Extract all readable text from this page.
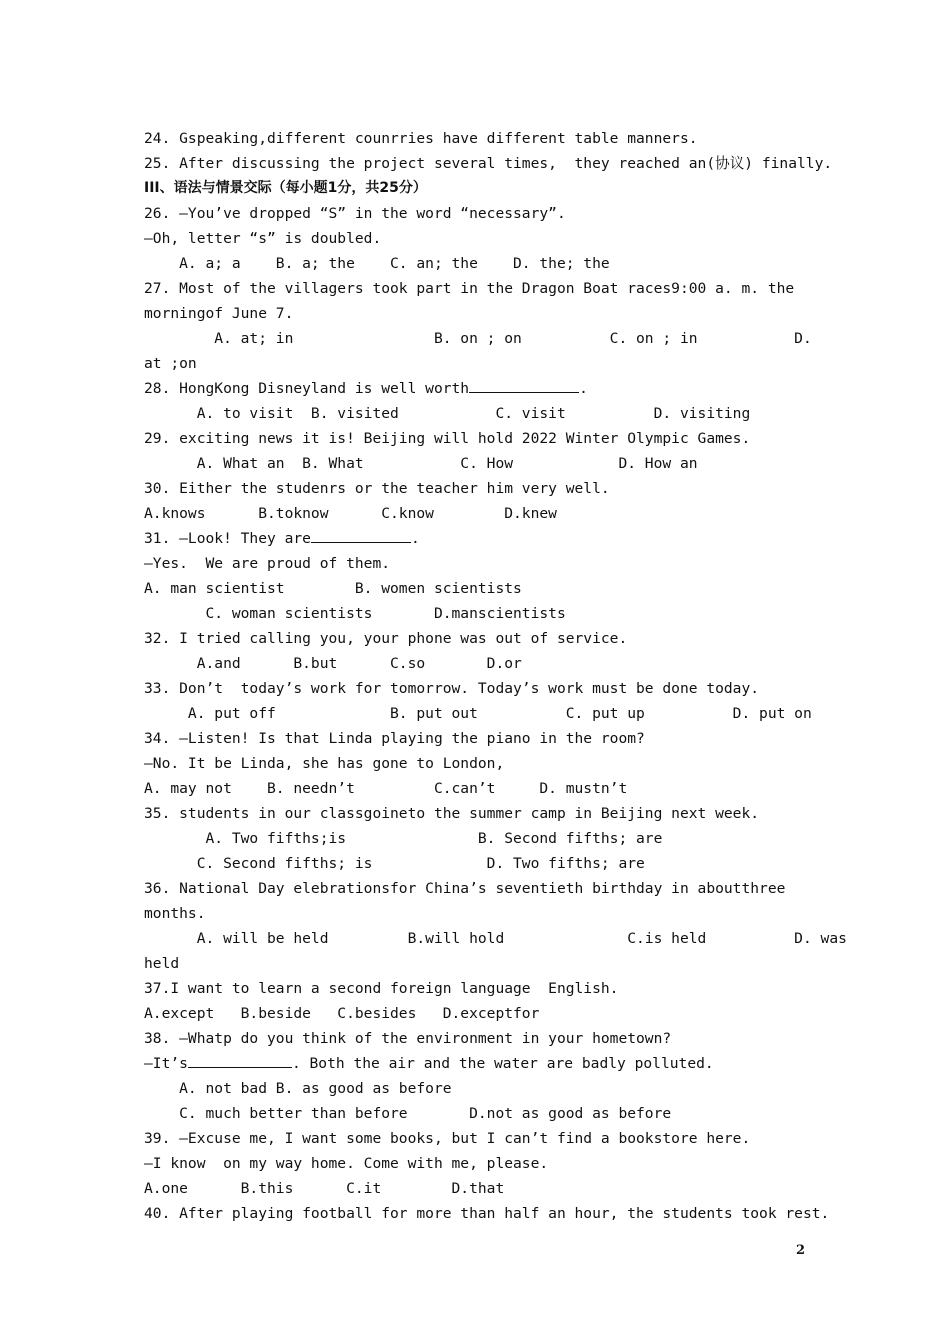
24. Gspeaking,different counrries have different table manners.
25. After discussing the project several times,  they reached an(协议) finally.
III、语法与情景交际（每小题1分，共25分）
26. —You’ve dropped “S” in the word “necessary”.
—Oh, letter “s” is doubled.
A. a; a    B. a; the    C. an; the    D. the; the
27. Most of the villagers took part in the Dragon Boat races9:00 a. m. the
morningof June 7.
A. at; in                B. on ; on          C. on ; in           D.
at ;on
28. HongKong Disneyland is well worth	.
A. to visit  B. visited           C. visit          D. visiting
29. exciting news it is! Beijing will hold 2022 Winter Olympic Games.
A. What an  B. What           C. How            D. How an
30. Either the studenrs or the teacher him very well.
A.knows      B.toknow      C.know        D.knew
31. —Look! They are	.
—Yes.  We are proud of them.
A. man scientist        B. women scientists
C. woman scientists       D.manscientists
32. I tried calling you, your phone was out of service.
A.and      B.but      C.so       D.or
33. Don’t  today’s work for tomorrow. Today’s work must be done today.
A. put off             B. put out          C. put up          D. put on
34. —Listen! Is that Linda playing the piano in the room?
—No. It be Linda, she has gone to London,
A. may not    B. needn’t         C.can’t     D. mustn’t
35. students in our classgoineto the summer camp in Beijing next week.
A. Two fifths;is               B. Second fifths; are
C. Second fifths; is             D. Two fifths; are
36. National Day elebrationsfor China’s seventieth birthday in aboutthree
months.
A. will be held         B.will hold              C.is held          D. was
held
37.I want to learn a second foreign language  English.
A.except   B.beside   C.besides   D.exceptfor
38. —Whatp do you think of the environment in your hometown?
—It’s	. Both the air and the water are badly polluted.
A. not bad B. as good as before
C. much better than before       D.not as good as before
39. —Excuse me, I want some books, but I can’t find a bookstore here.
—I know  on my way home. Come with me, please.
A.one      B.this      C.it        D.that
40. After playing football for more than half an hour, the students took rest.
2
